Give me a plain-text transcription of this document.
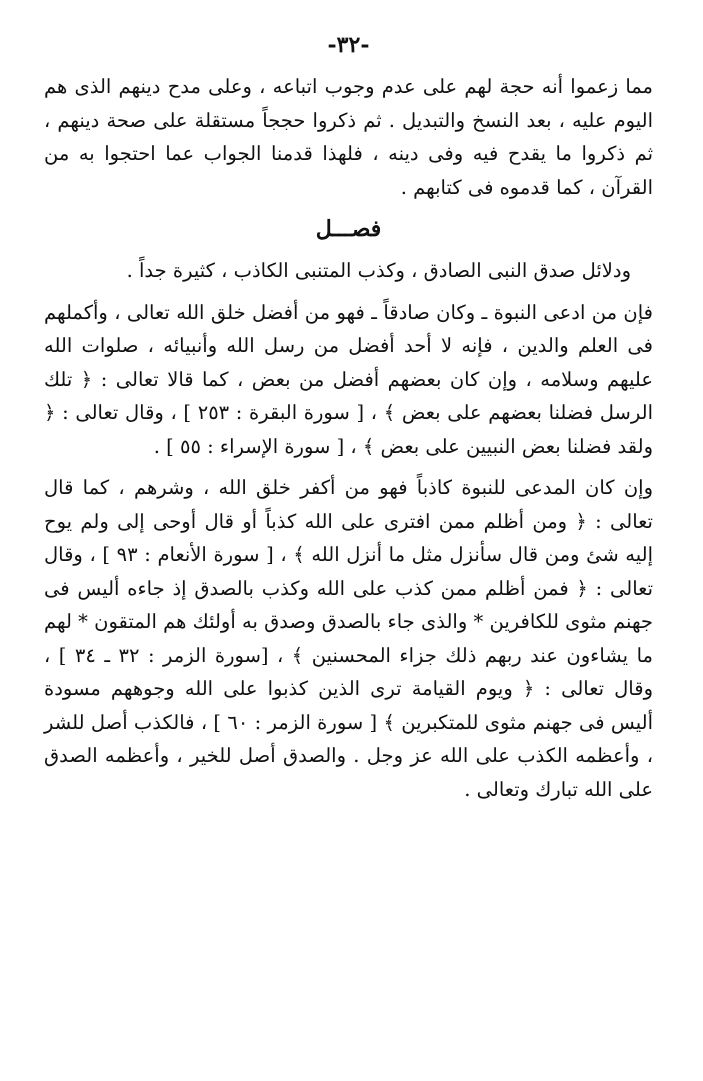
-٣٢-

مما زعموا أنه حجة لهم على عدم وجوب اتباعه ، وعلى مدح دينهم الذى هم اليوم عليه ، بعد النسخ والتبديل . ثم ذكروا حججاً مستقلة على صحة دينهم ، ثم ذكروا ما يقدح فيه وفى دينه ، فلهذا قدمنا الجواب عما احتجوا به من القرآن ، كما قدموه فى كتابهم .

فصـــل

ودلائل صدق النبى الصادق ، وكذب المتنبى الكاذب ، كثيرة جداً .

فإن من ادعى النبوة ـ وكان صادقاً ـ فهو من أفضل خلق الله تعالى ، وأكملهم فى العلم والدين ، فإنه لا أحد أفضل من رسل الله وأنبيائه ، صلوات الله عليهم وسلامه ، وإن كان بعضهم أفضل من بعض ، كما قالا تعالى : ﴿ تلك الرسل فضلنا بعضهم على بعض ﴾ ، [ سورة البقرة : ٢٥٣ ] ، وقال تعالى : ﴿ ولقد فضلنا بعض النبيين على بعض ﴾ ، [ سورة الإسراء : ٥٥ ] .

وإن كان المدعى للنبوة كاذباً فهو من أكفر خلق الله ، وشرهم ، كما قال تعالى : ﴿ ومن أظلم ممن افترى على الله كذباً أو قال أوحى إلى ولم يوح إليه شئ ومن قال سأنزل مثل ما أنزل الله ﴾ ، [ سورة الأنعام : ٩٣ ] ، وقال تعالى : ﴿ فمن أظلم ممن كذب على الله وكذب بالصدق إذ جاءه أليس فى جهنم مثوى للكافرين * والذى جاء بالصدق وصدق به أولئك هم المتقون * لهم ما يشاءون عند ربهم ذلك جزاء المحسنين ﴾ ، [سورة الزمر : ٣٢ ـ ٣٤ ] ، وقال تعالى : ﴿ ويوم القيامة ترى الذين كذبوا على الله وجوههم مسودة أليس فى جهنم مثوى للمتكبرين ﴾ [ سورة الزمر : ٦٠ ] ، فالكذب أصل للشر ، وأعظمه الكذب على الله عز وجل . والصدق أصل للخير ، وأعظمه الصدق على الله تبارك وتعالى .
